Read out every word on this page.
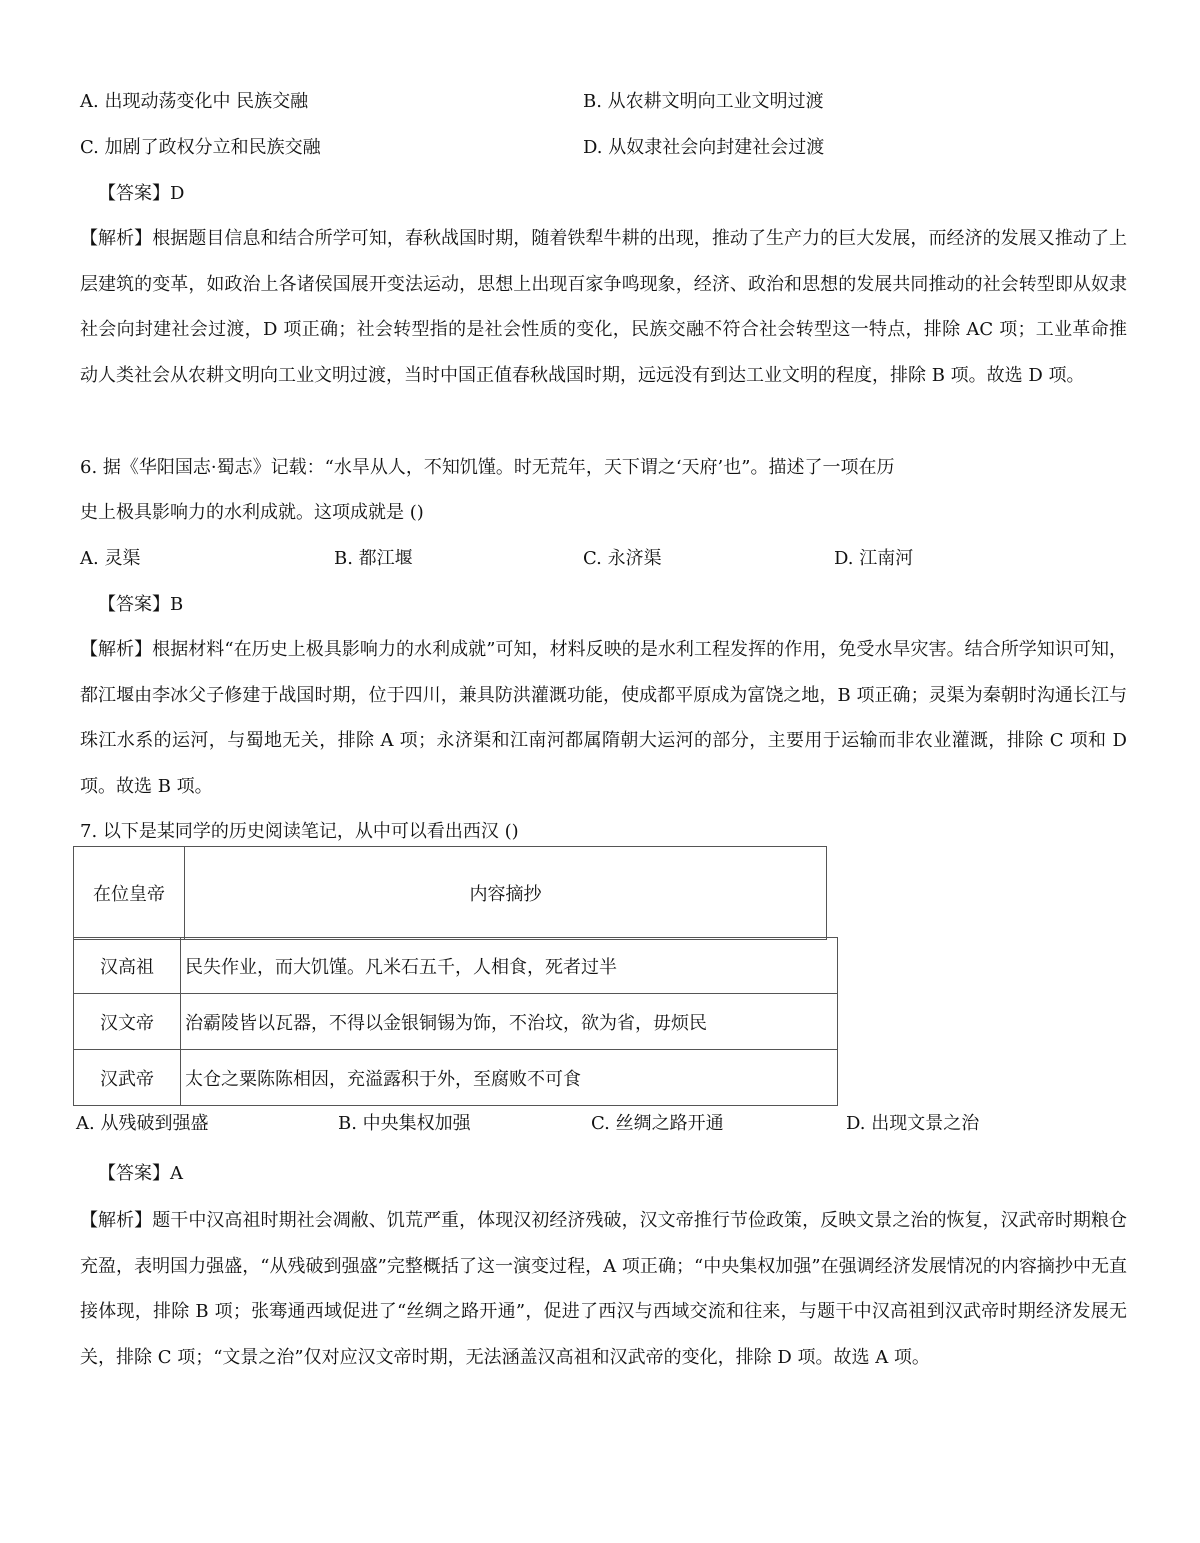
A. 出现动荡变化中 民族交融	B. 从农耕文明向工业文明过渡
C. 加剧了政权分立和民族交融	D. 从奴隶社会向封建社会过渡
【答案】D
【解析】根据题目信息和结合所学可知，春秋战国时期，随着铁犁牛耕的出现，推动了生产力的巨大发展，而经济的发展又推动了上层建筑的变革，如政治上各诸侯国展开变法运动，思想上出现百家争鸣现象，经济、政治和思想的发展共同推动的社会转型即从奴隶社会向封建社会过渡，D 项正确；社会转型指的是社会性质的变化，民族交融不符合社会转型这一特点，排除 AC 项；工业革命推动人类社会从农耕文明向工业文明过渡，当时中国正值春秋战国时期，远远没有到达工业文明的程度，排除 B 项。故选 D 项。
6. 据《华阳国志·蜀志》记载：“水旱从人，不知饥馑。时无荒年，天下谓之‘天府’也”。描述了一项在历
史上极具影响力的水利成就。这项成就是 ()
A. 灵渠	B. 都江堰	C. 永济渠	D. 江南河
【答案】B
【解析】根据材料“在历史上极具影响力的水利成就”可知，材料反映的是水利工程发挥的作用，免受水旱灾害。结合所学知识可知，都江堰由李冰父子修建于战国时期，位于四川，兼具防洪灌溉功能，使成都平原成为富饶之地，B 项正确；灵渠为秦朝时沟通长江与珠江水系的运河，与蜀地无关，排除 A 项；永济渠和江南河都属隋朝大运河的部分，主要用于运输而非农业灌溉，排除 C 项和 D 项。故选 B 项。
7. 以下是某同学的历史阅读笔记，从中可以看出西汉 ()
在位皇帝	内容摘抄
汉高祖	民失作业，而大饥馑。凡米石五千，人相食，死者过半
汉文帝	治霸陵皆以瓦器，不得以金银铜锡为饰，不治坟，欲为省，毋烦民
汉武帝	太仓之粟陈陈相因，充溢露积于外，至腐败不可食
A. 从残破到强盛	B. 中央集权加强	C. 丝绸之路开通	D. 出现文景之治
【答案】A
【解析】题干中汉高祖时期社会凋敝、饥荒严重，体现汉初经济残破，汉文帝推行节俭政策，反映文景之治的恢复，汉武帝时期粮仓充盈，表明国力强盛，“从残破到强盛”完整概括了这一演变过程，A 项正确；“中央集权加强”在强调经济发展情况的内容摘抄中无直接体现，排除 B 项；张骞通西域促进了“丝绸之路开通”，促进了西汉与西域交流和往来，与题干中汉高祖到汉武帝时期经济发展无关，排除 C 项；“文景之治”仅对应汉文帝时期，无法涵盖汉高祖和汉武帝的变化，排除 D 项。故选 A 项。
